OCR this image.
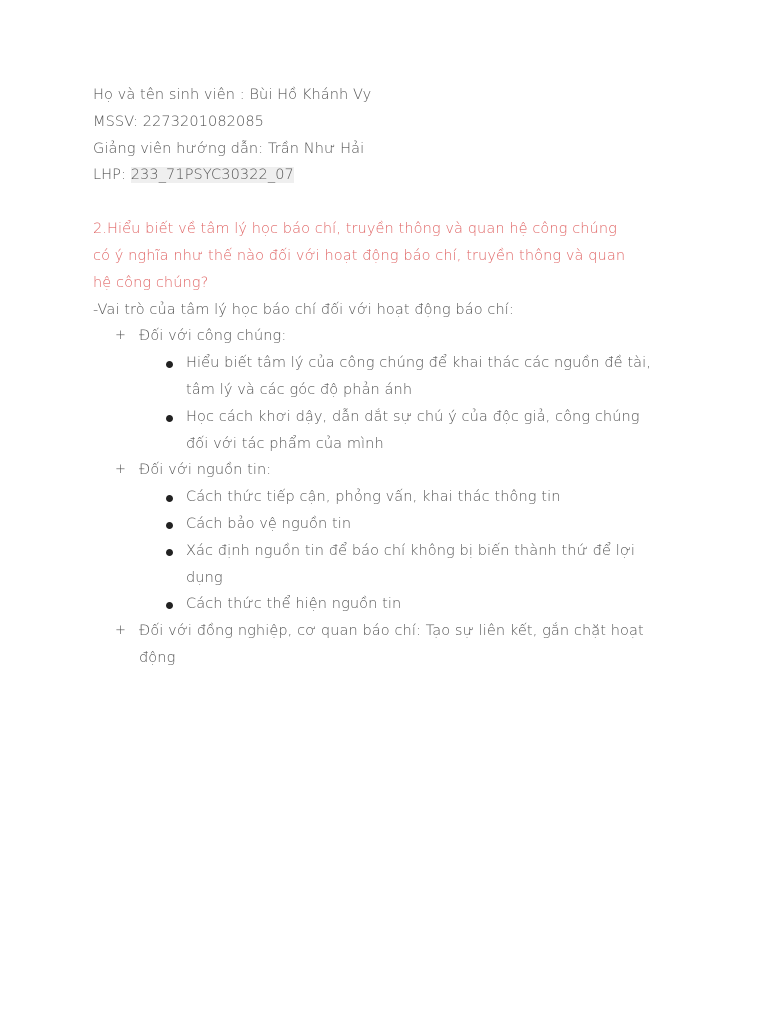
Họ và tên sinh viên : Bùi Hồ Khánh Vy
MSSV: 2273201082085
Giảng viên hướng dẫn: Trần Như Hải
LHP: 233_71PSYC30322_07
2.Hiểu biết về tâm lý học báo chí, truyền thông và quan hệ công chúng
có ý nghĩa như thế nào đối với hoạt động báo chí, truyền thông và quan
hệ công chúng?
-Vai trò của tâm lý học báo chí đối với hoạt động báo chí:
+ Đối với công chúng:
Hiểu biết tâm lý của công chúng để khai thác các nguồn đề tài,
tâm lý và các góc độ phản ánh
Học cách khơi dậy, dẫn dắt sự chú ý của độc giả, công chúng
đối với tác phẩm của mình
+ Đối với nguồn tin:
Cách thức tiếp cận, phỏng vấn, khai thác thông tin
Cách bảo vệ nguồn tin
Xác định nguồn tin để báo chí không bị biến thành thứ để lợi
dụng
Cách thức thể hiện nguồn tin
+ Đối với đồng nghiệp, cơ quan báo chí: Tạo sự liên kết, gắn chặt hoạt
động
